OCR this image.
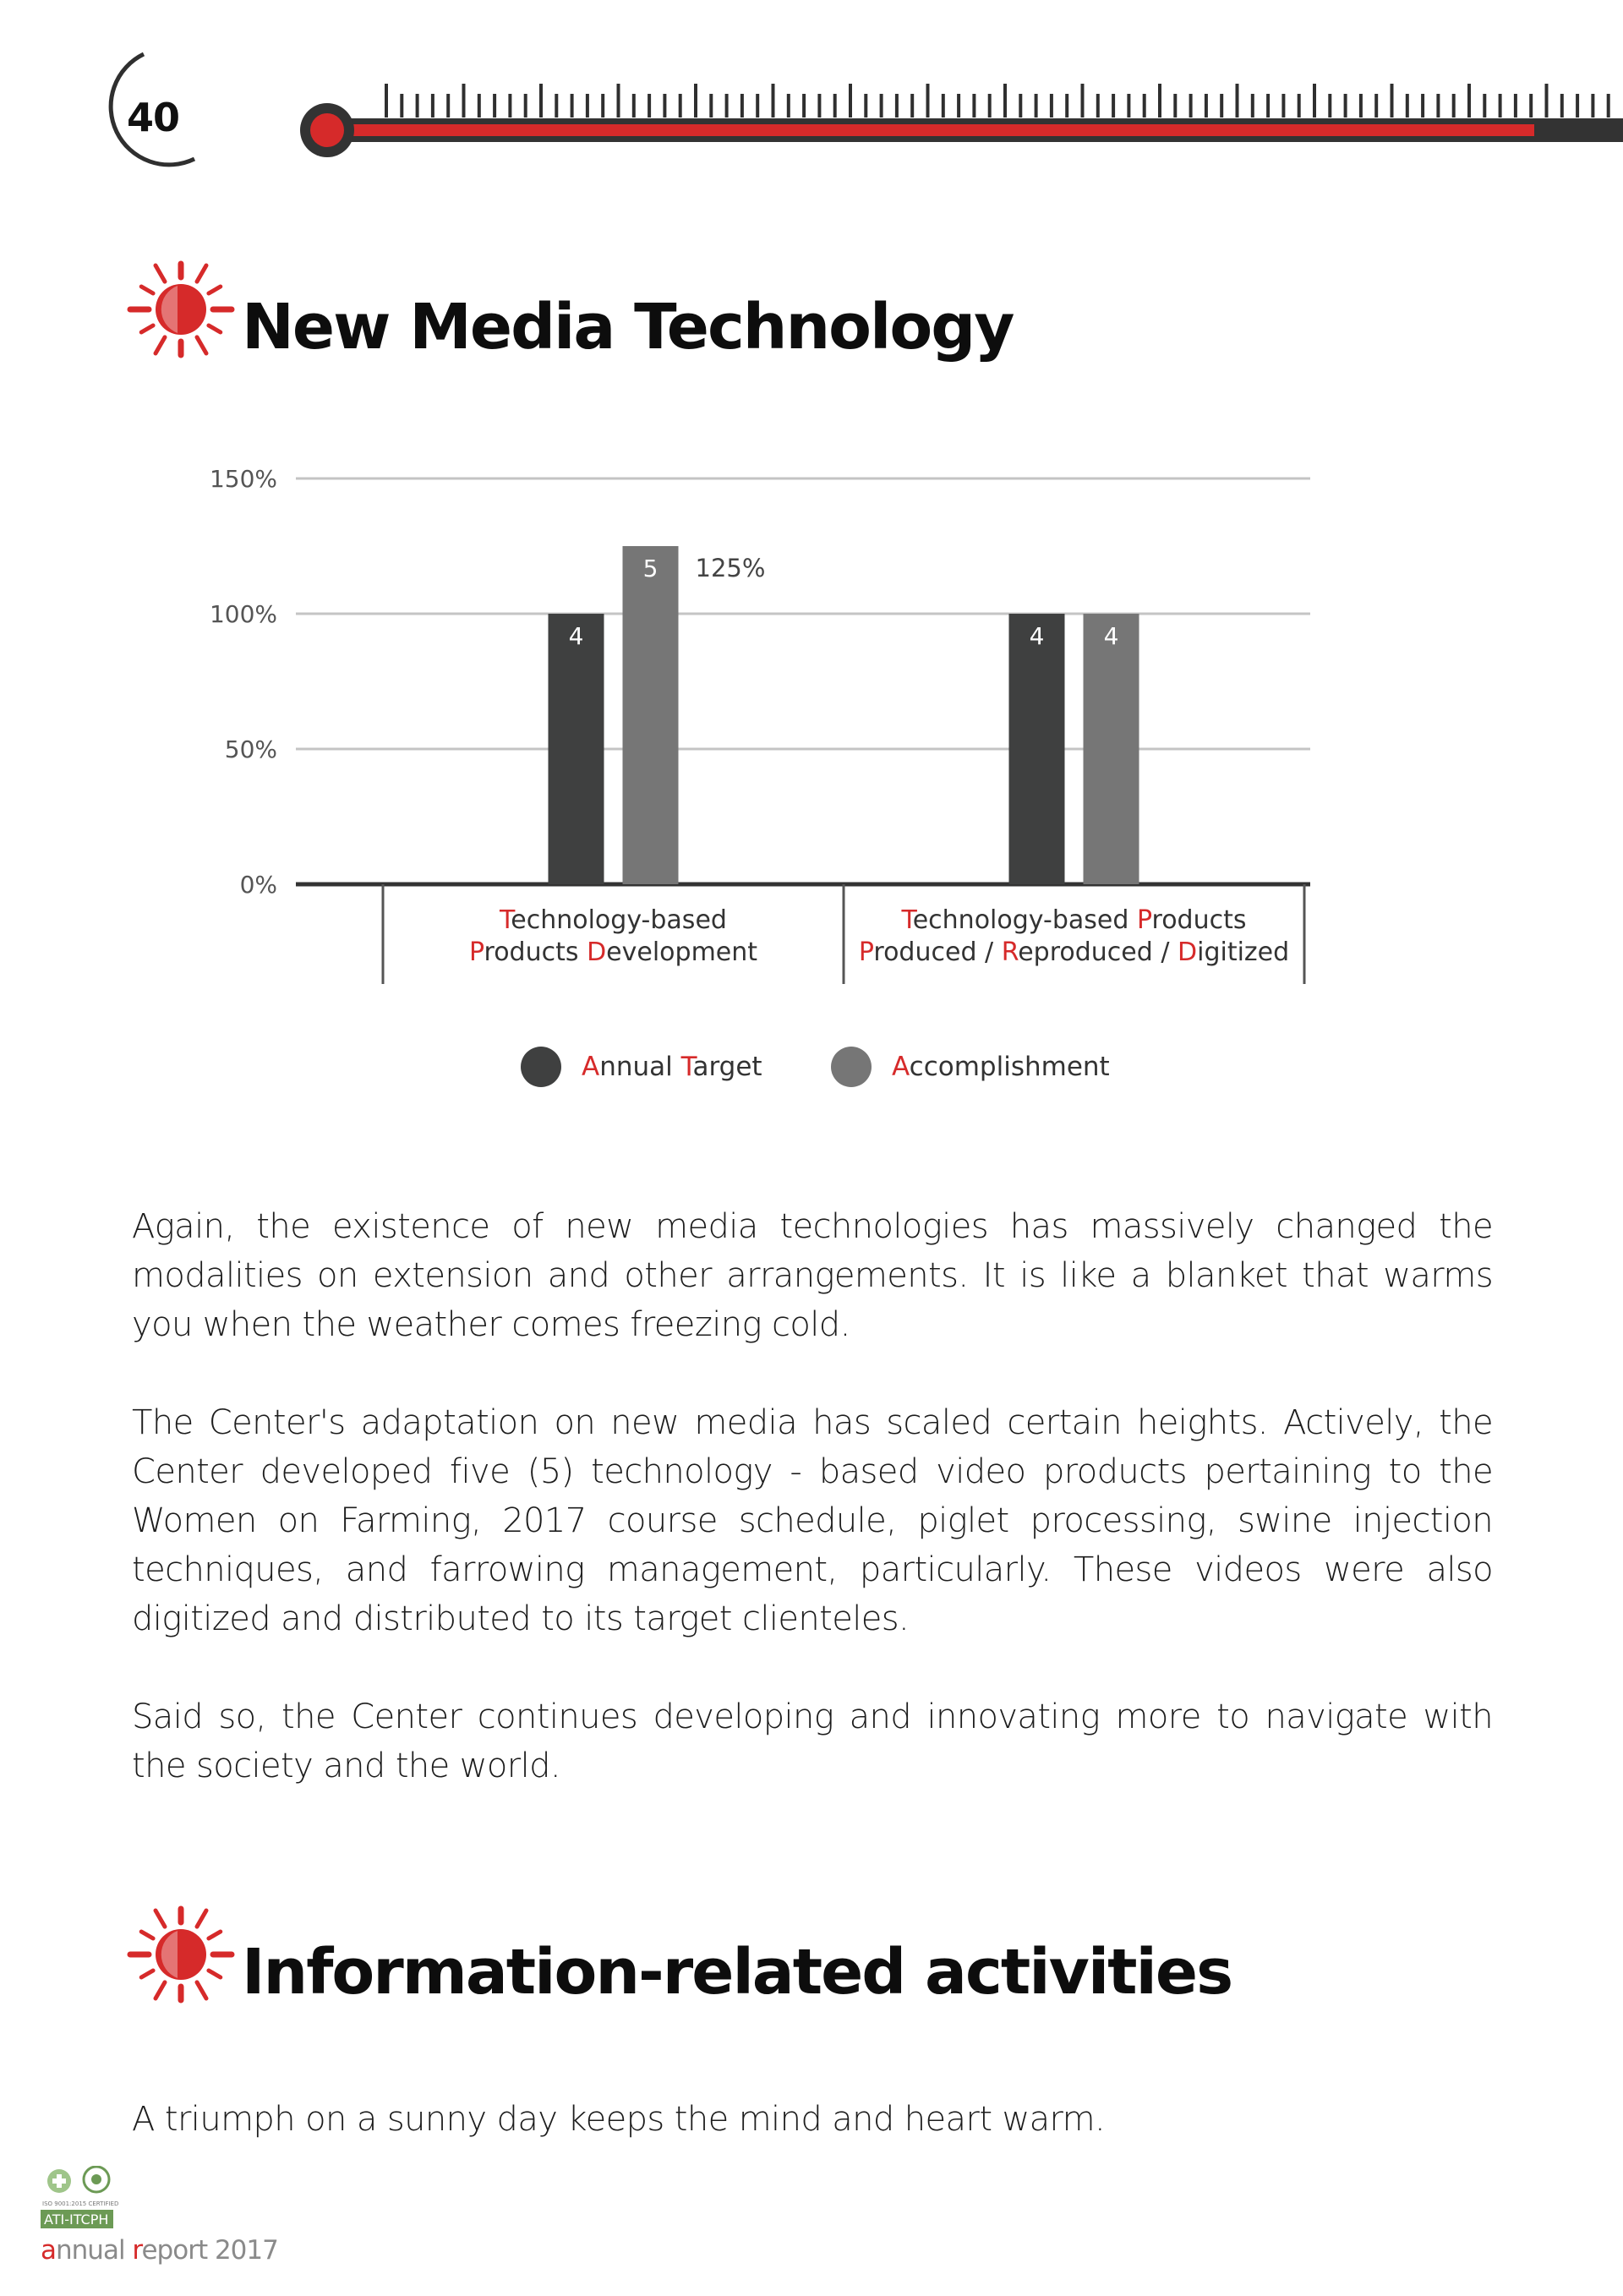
40
New Media Technology
0%
50%
100%
150%
4
5 125%
Technology-based
Products Development
4	4
Technology-based Products
Produced / Reproduced / Digitized
Annual Target	Accomplishment

Again, the existence of new media technologies has massively changed the modalities on extension and other arrangements. It is like a blanket that warms you when the weather comes freezing cold.

The Center's adaptation on new media has scaled certain heights. Actively, the Center developed five (5) technology - based video products pertaining to the Women on Farming, 2017 course schedule, piglet processing, swine injection techniques, and farrowing management, particularly. These videos were also digitized and distributed to its target clienteles.

Said so, the Center continues developing and innovating more to navigate with the society and the world.

Information-related activities

A triumph on a sunny day keeps the mind and heart warm.

ISO 9001:2015 CERTIFIED
ATI-ITCPH
annual report 2017
